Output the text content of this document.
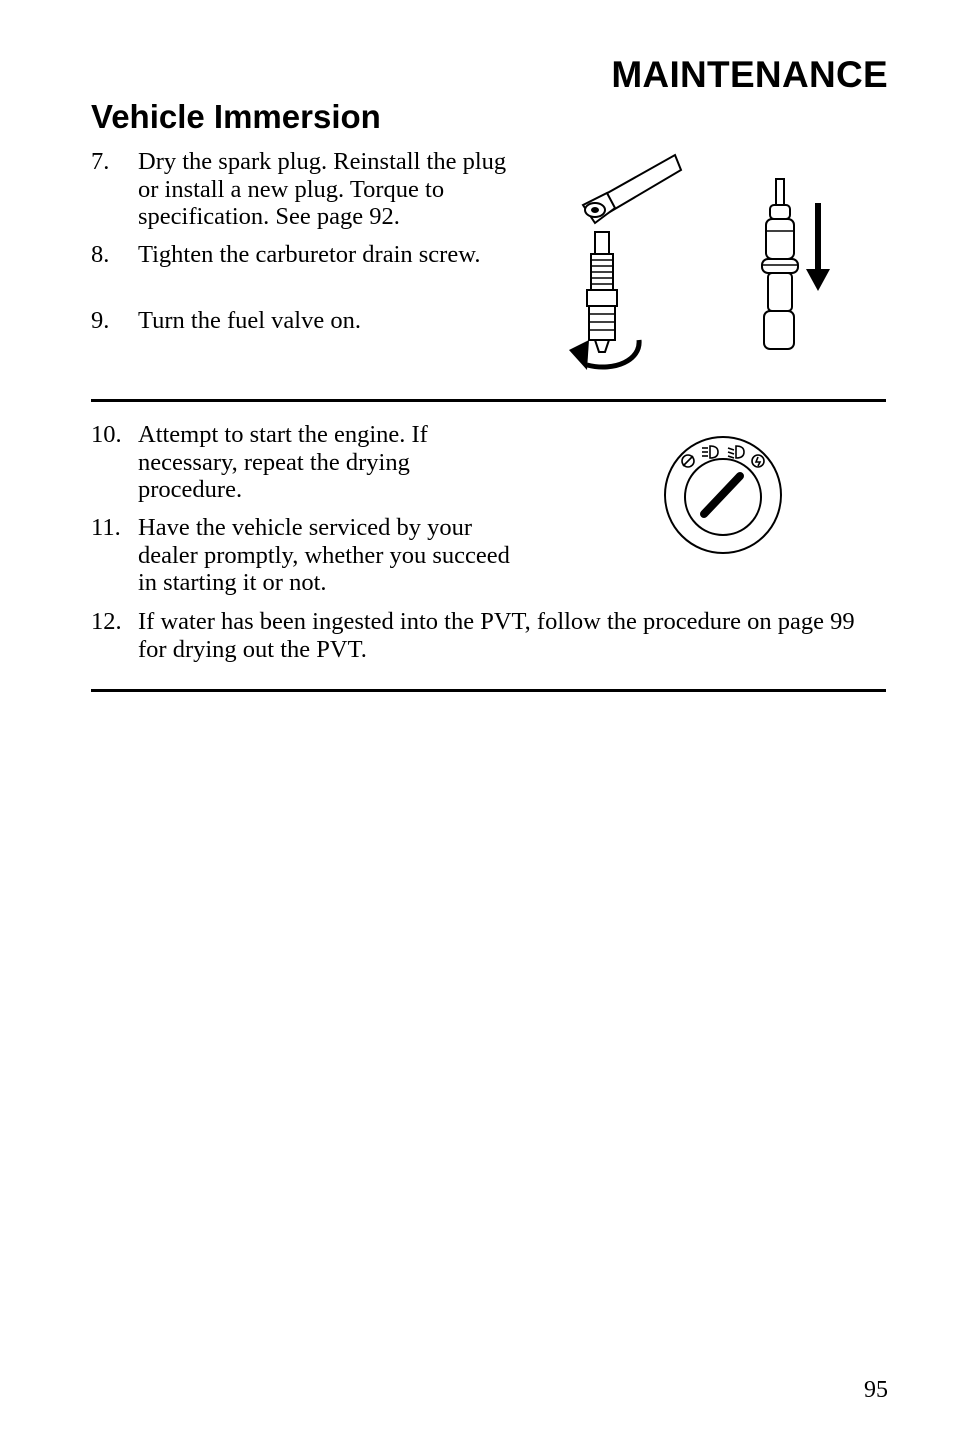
MAINTENANCE
Vehicle Immersion
7.	Dry the spark plug. Reinstall the plug or install a new plug. Torque to specification. See page 92.
8.	Tighten the carburetor drain screw.
9.	Turn the fuel valve on.
10. Attempt to start the engine. If necessary, repeat the drying procedure.
11. Have the vehicle serviced by your dealer promptly, whether you succeed in starting it or not.
12. If water has been ingested into the PVT, follow the procedure on page 99 for drying out the PVT.
95
